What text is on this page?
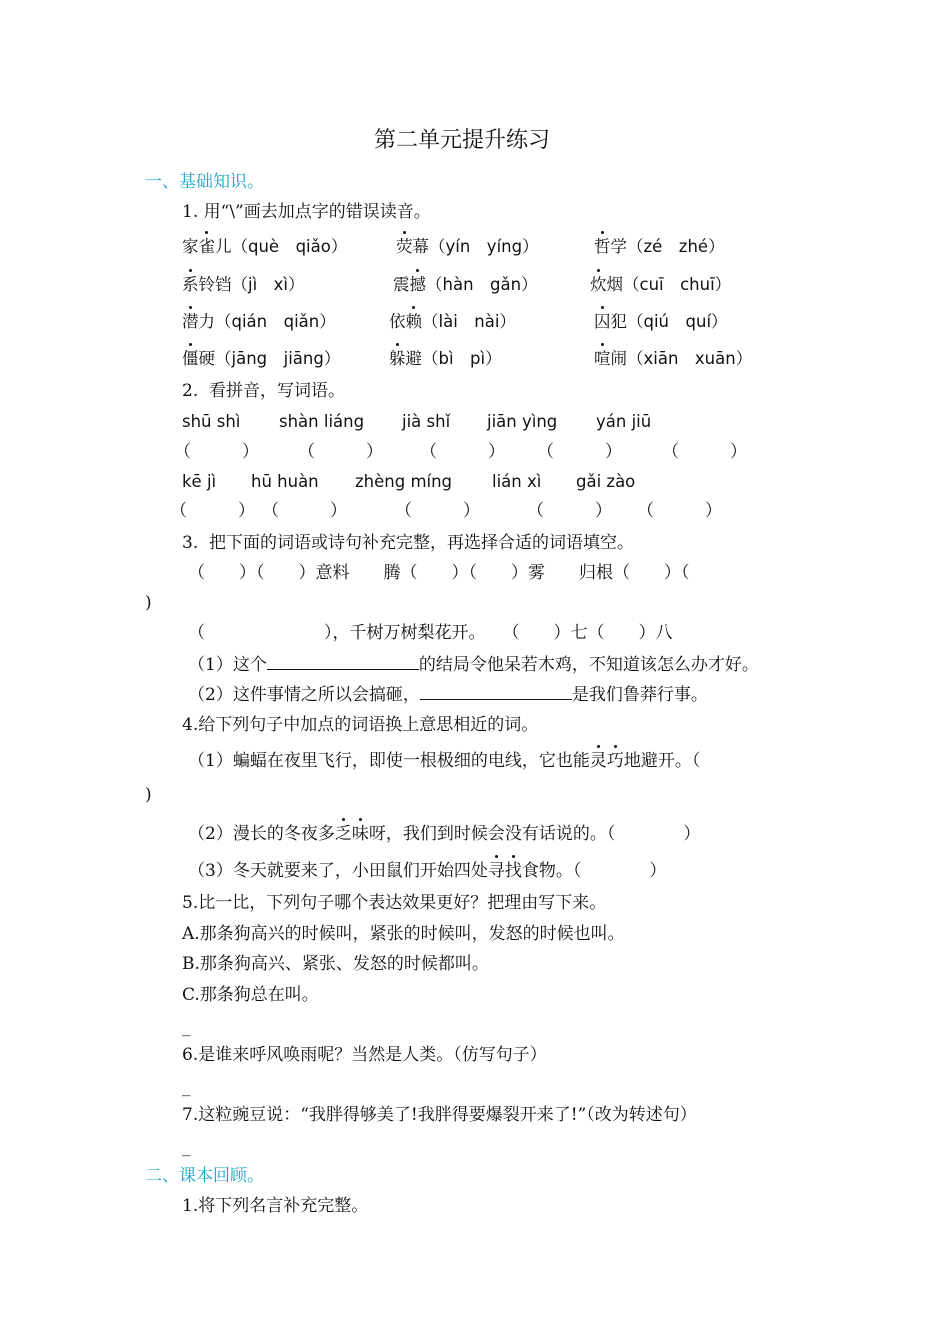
第二单元提升练习
一、基础知识。
1. 用“\”画去加点字的错误读音。
家雀儿（què　qiǎo）	荧幕（yín　yíng）	哲学（zé　zhé）
系铃铛（jì　xì）	震撼（hàn　gǎn）	炊烟（cuī　chuī）
潜力（qián　qiǎn）	依赖（lài　nài）	囚犯（qiú　quí）
僵硬（jāng　jiāng）	躲避（bì　pì）	喧闹（xiān　xuān）
2.  看拼音，写词语。
shū shì shàn liáng jià shǐ jiān yìng yán jiū
（　　　） （　　　） （　　　） （　　　） （　　　）
kē jì hū huàn zhèng míng lián xì gǎi zào
（　　　） （　　　）	（　　　）	（　　　） （　　　）
3.  把下面的词语或诗句补充完整，再选择合适的词语填空。
（　　）（　　）意料　　腾（　　）（　　）雾　　归根（　　）（
)
（　　　　　　　），千树万树梨花开。　　（　　）七（　　）八
（1）这个	的结局令他呆若木鸡，不知道该怎么办才好。
（2）这件事情之所以会搞砸，	是我们鲁莽行事。
4.给下列句子中加点的词语换上意思相近的词。
（1）蝙蝠在夜里飞行，即使一根极细的电线，它也能灵巧地避开。（
)
（2）漫长的冬夜多乏味呀，我们到时候会没有话说的。（　　　　）
（3）冬天就要来了，小田鼠们开始四处寻找食物。（　　　　）
5.比一比，下列句子哪个表达效果更好？把理由写下来。
A.那条狗高兴的时候叫，紧张的时候叫，发怒的时候也叫。
B.那条狗高兴、紧张、发怒的时候都叫。
C.那条狗总在叫。
_
6.是谁来呼风唤雨呢？当然是人类。（仿写句子）
_
7.这粒豌豆说：“我胖得够美了!我胖得要爆裂开来了!”（改为转述句）
_
二、课本回顾。
1.将下列名言补充完整。
